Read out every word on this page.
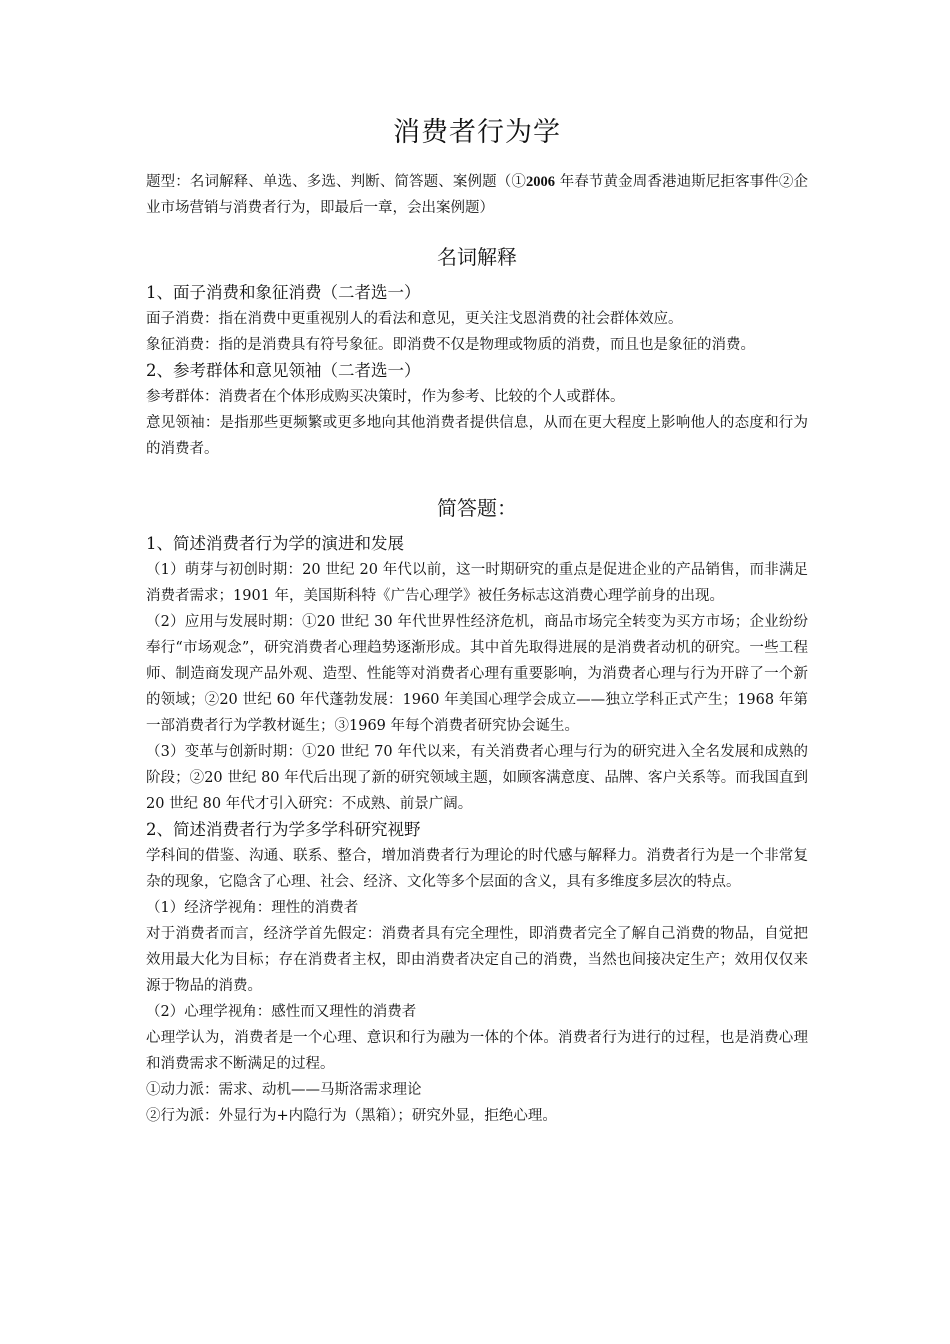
消费者行为学

题型：名词解释、单选、多选、判断、简答题、案例题（①2006 年春节黄金周香港迪斯尼拒客事件②企业市场营销与消费者行为，即最后一章，会出案例题）

名词解释
1、面子消费和象征消费（二者选一）

面子消费：指在消费中更重视别人的看法和意见，更关注戈恩消费的社会群体效应。

象征消费：指的是消费具有符号象征。即消费不仅是物理或物质的消费，而且也是象征的消费。

2、参考群体和意见领袖（二者选一）

参考群体：消费者在个体形成购买决策时，作为参考、比较的个人或群体。

意见领袖：是指那些更频繁或更多地向其他消费者提供信息，从而在更大程度上影响他人的态度和行为的消费者。

简答题：
1、简述消费者行为学的演进和发展

（1）萌芽与初创时期：20 世纪 20 年代以前，这一时期研究的重点是促进企业的产品销售，而非满足消费者需求；1901 年，美国斯科特《广告心理学》被任务标志这消费心理学前身的出现。

（2）应用与发展时期：①20 世纪 30 年代世界性经济危机，商品市场完全转变为买方市场；企业纷纷奉行“市场观念”，研究消费者心理趋势逐渐形成。其中首先取得进展的是消费者动机的研究。一些工程师、制造商发现产品外观、造型、性能等对消费者心理有重要影响，为消费者心理与行为开辟了一个新的领域；②20 世纪 60 年代蓬勃发展：1960 年美国心理学会成立——独立学科正式产生；1968 年第一部消费者行为学教材诞生；③1969 年每个消费者研究协会诞生。

（3）变革与创新时期：①20 世纪 70 年代以来，有关消费者心理与行为的研究进入全名发展和成熟的阶段；②20 世纪 80 年代后出现了新的研究领域主题，如顾客满意度、品牌、客户关系等。而我国直到 20 世纪 80 年代才引入研究：不成熟、前景广阔。

2、简述消费者行为学多学科研究视野

学科间的借鉴、沟通、联系、整合，增加消费者行为理论的时代感与解释力。消费者行为是一个非常复杂的现象，它隐含了心理、社会、经济、文化等多个层面的含义，具有多维度多层次的特点。

（1）经济学视角：理性的消费者

对于消费者而言，经济学首先假定：消费者具有完全理性，即消费者完全了解自己消费的物品，自觉把效用最大化为目标；存在消费者主权，即由消费者决定自己的消费，当然也间接决定生产；效用仅仅来源于物品的消费。

（2）心理学视角：感性而又理性的消费者

心理学认为，消费者是一个心理、意识和行为融为一体的个体。消费者行为进行的过程，也是消费心理和消费需求不断满足的过程。

①动力派：需求、动机——马斯洛需求理论

②行为派：外显行为+内隐行为（黑箱）；研究外显，拒绝心理。
